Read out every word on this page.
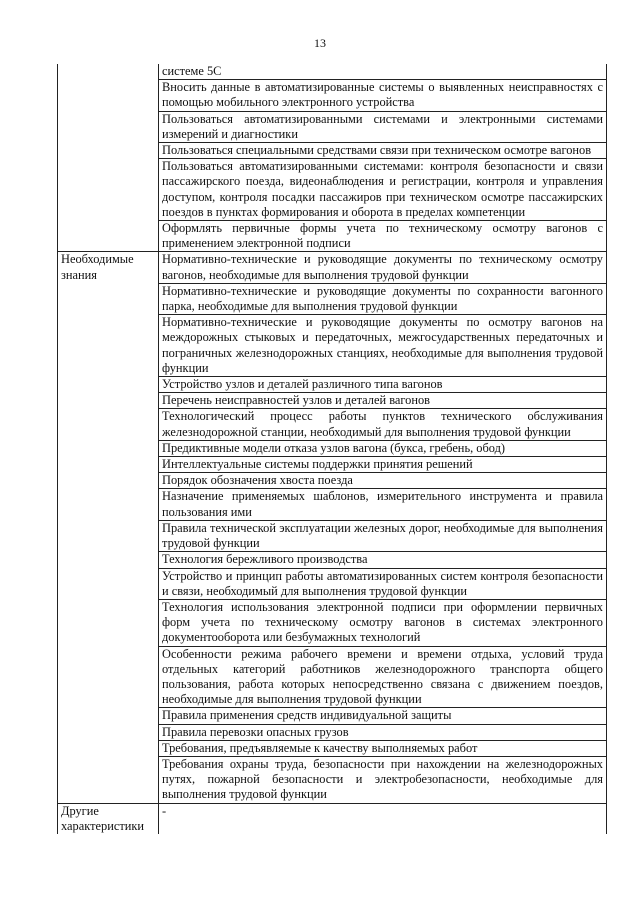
13
	системе 5С
	Вносить данные в автоматизированные системы о выявленных неисправностях с помощью мобильного электронного устройства
	Пользоваться автоматизированными системами и электронными системами измерений и диагностики
	Пользоваться специальными средствами связи при техническом осмотре вагонов
	Пользоваться автоматизированными системами: контроля безопасности и связи пассажирского поезда, видеонаблюдения и регистрации, контроля и управления доступом, контроля посадки пассажиров при техническом осмотре пассажирских поездов в пунктах формирования и оборота в пределах компетенции
	Оформлять первичные формы учета по техническому осмотру вагонов с применением электронной подписи
Необходимые знания	Нормативно-технические и руководящие документы по техническому осмотру вагонов, необходимые для выполнения трудовой функции
	Нормативно-технические и руководящие документы по сохранности вагонного парка, необходимые для выполнения трудовой функции
	Нормативно-технические и руководящие документы по осмотру вагонов на междорожных стыковых и передаточных, межгосударственных передаточных и пограничных железнодорожных станциях, необходимые для выполнения трудовой функции
	Устройство узлов и деталей различного типа вагонов
	Перечень неисправностей узлов и деталей вагонов
	Технологический процесс работы пунктов технического обслуживания железнодорожной станции, необходимый для выполнения трудовой функции
	Предиктивные модели отказа узлов вагона (букса, гребень, обод)
	Интеллектуальные системы поддержки принятия решений
	Порядок обозначения хвоста поезда
	Назначение применяемых шаблонов, измерительного инструмента и правила пользования ими
	Правила технической эксплуатации железных дорог, необходимые для выполнения трудовой функции
	Технология бережливого производства
	Устройство и принцип работы автоматизированных систем контроля безопасности и связи, необходимый для выполнения трудовой функции
	Технология использования электронной подписи при оформлении первичных форм учета по техническому осмотру вагонов в системах электронного документооборота или безбумажных технологий
	Особенности режима рабочего времени и времени отдыха, условий труда отдельных категорий работников железнодорожного транспорта общего пользования, работа которых непосредственно связана с движением поездов, необходимые для выполнения трудовой функции
	Правила применения средств индивидуальной защиты
	Правила перевозки опасных грузов
	Требования, предъявляемые к качеству выполняемых работ
	Требования охраны труда, безопасности при нахождении на железнодорожных путях, пожарной безопасности и электробезопасности, необходимые для выполнения трудовой функции
Другие характеристики	-
